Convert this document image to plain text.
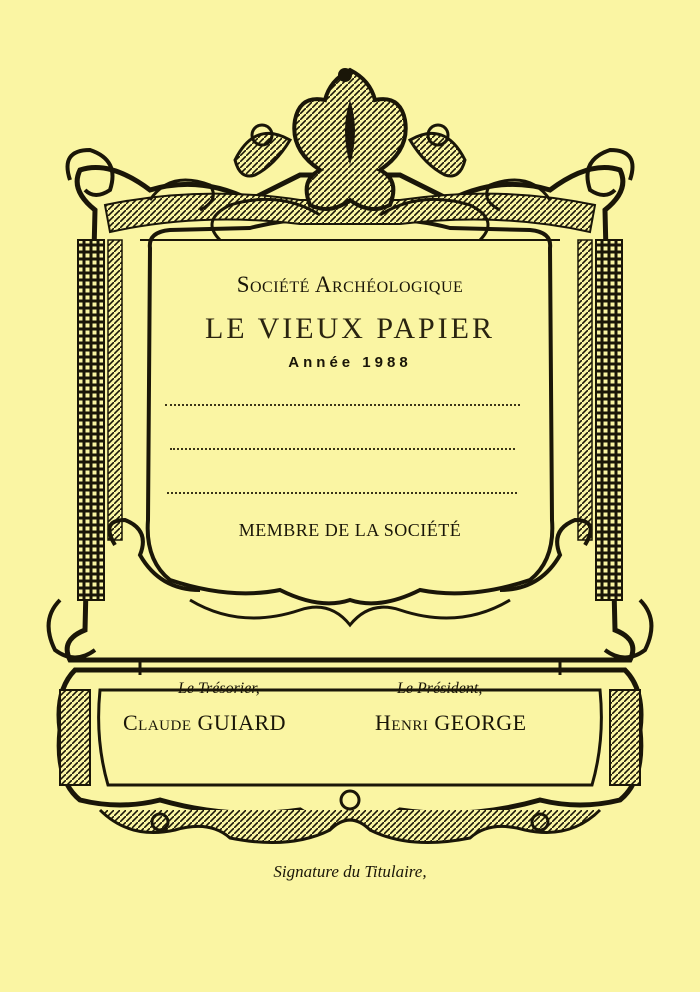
Société Archéologique
LE VIEUX PAPIER
Année 1988
MEMBRE DE LA SOCIÉTÉ
Le Trésorier,
Claude GUIARD
Le Président,
Henri GEORGE
Signature du Titulaire,
